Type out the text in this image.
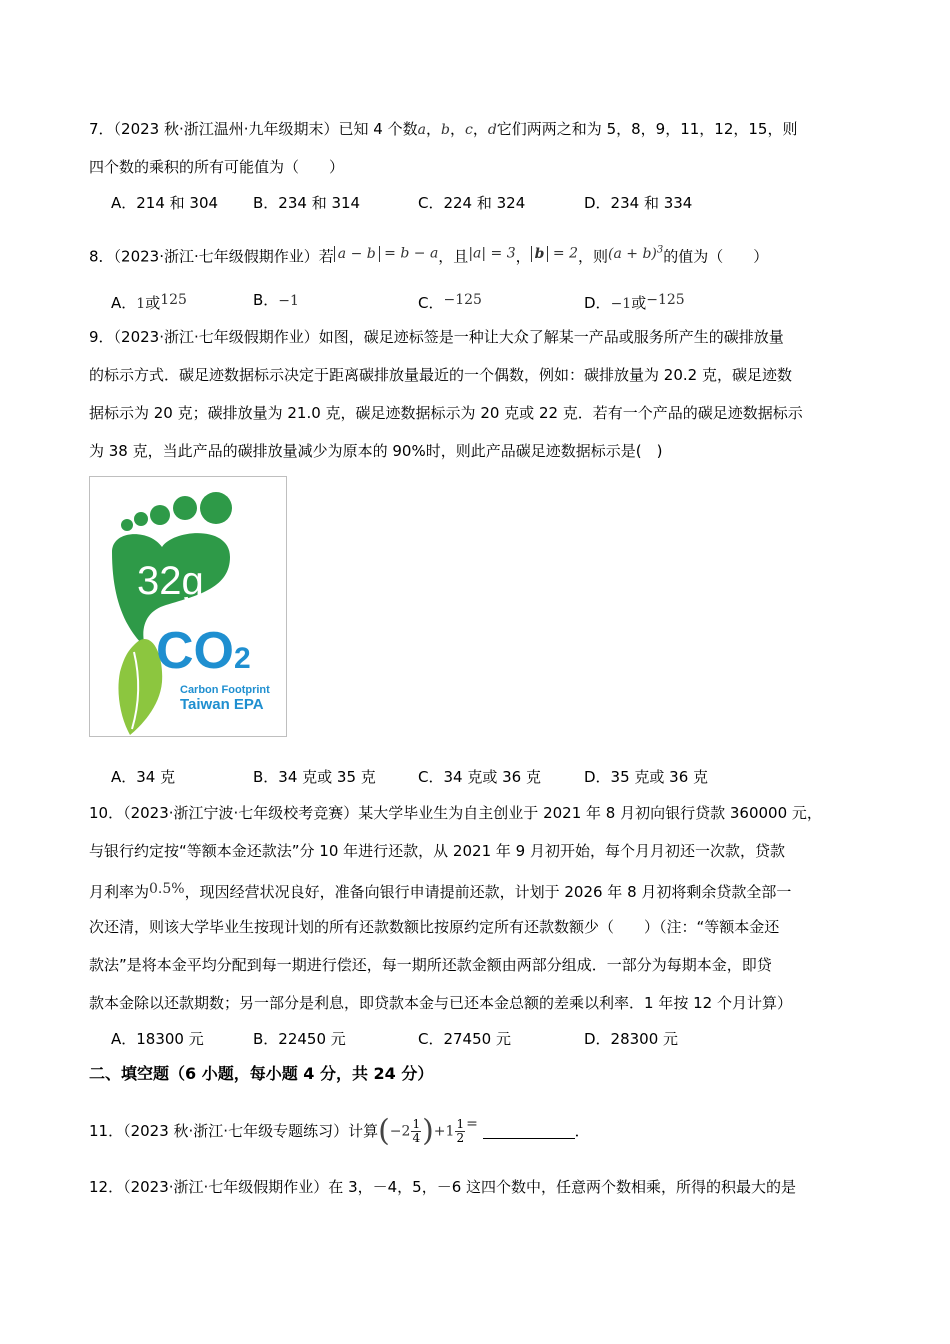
7．（2023 秋·浙江温州·九年级期末）已知 4 个数a，b，c，d它们两两之和为 5，8，9，11，12，15，则
四个数的乘积的所有可能值为（　　）
A．214 和 304 B．234 和 314	C．224 和 324	D．234 和 334
8．（2023·浙江·七年级假期作业）若 a − b = b − a，且|a| = 3， b = 2，则$(a + b)^3$的值为（　　）
A．1或125	B．−1	C．−125	D．−1或−125
9．（2023·浙江·七年级假期作业）如图，碳足迹标签是一种让大众了解某一产品或服务所产生的碳排放量
的标示方式．碳足迹数据标示决定于距离碳排放量最近的一个偶数，例如：碳排放量为 20.2 克，碳足迹数
据标示为 20 克；碳排放量为 21.0 克，碳足迹数据标示为 20 克或 22 克．若有一个产品的碳足迹数据标示
为 38 克，当此产品的碳排放量减少为原本的 90%时，则此产品碳足迹数据标示是(　)
32g
CO2
Carbon Footprint
Taiwan EPA
A．34 克	B．34 克或 35 克	C．34 克或 36 克	D．35 克或 36 克
10．（2023·浙江宁波·七年级校考竞赛）某大学毕业生为自主创业于 2021 年 8 月初向银行贷款 360000 元，
与银行约定按“等额本金还款法”分 10 年进行还款，从 2021 年 9 月初开始，每个月月初还一次款，贷款
月利率为0.5%，现因经营状况良好，准备向银行申请提前还款，计划于 2026 年 8 月初将剩余贷款全部一
次还清，则该大学毕业生按现计划的所有还款数额比按原约定所有还款数额少（　　）（注：“等额本金还
款法”是将本金平均分配到每一期进行偿还，每一期所还款金额由两部分组成．一部分为每期本金，即贷
款本金除以还款期数；另一部分是利息，即贷款本金与已还本金总额的差乘以利率．1 年按 12 个月计算）
A．18300 元	B．22450 元	C．27450 元	D．28300 元
二、填空题（6 小题，每小题 4 分，共 24 分）
11．（2023 秋·浙江·七年级专题练习）计算$(-2 \frac{1}{4} )+1 \frac{1}{2}$ =	．
12．（2023·浙江·七年级假期作业）在 3，－4，5，－6 这四个数中，任意两个数相乘，所得的积最大的是
